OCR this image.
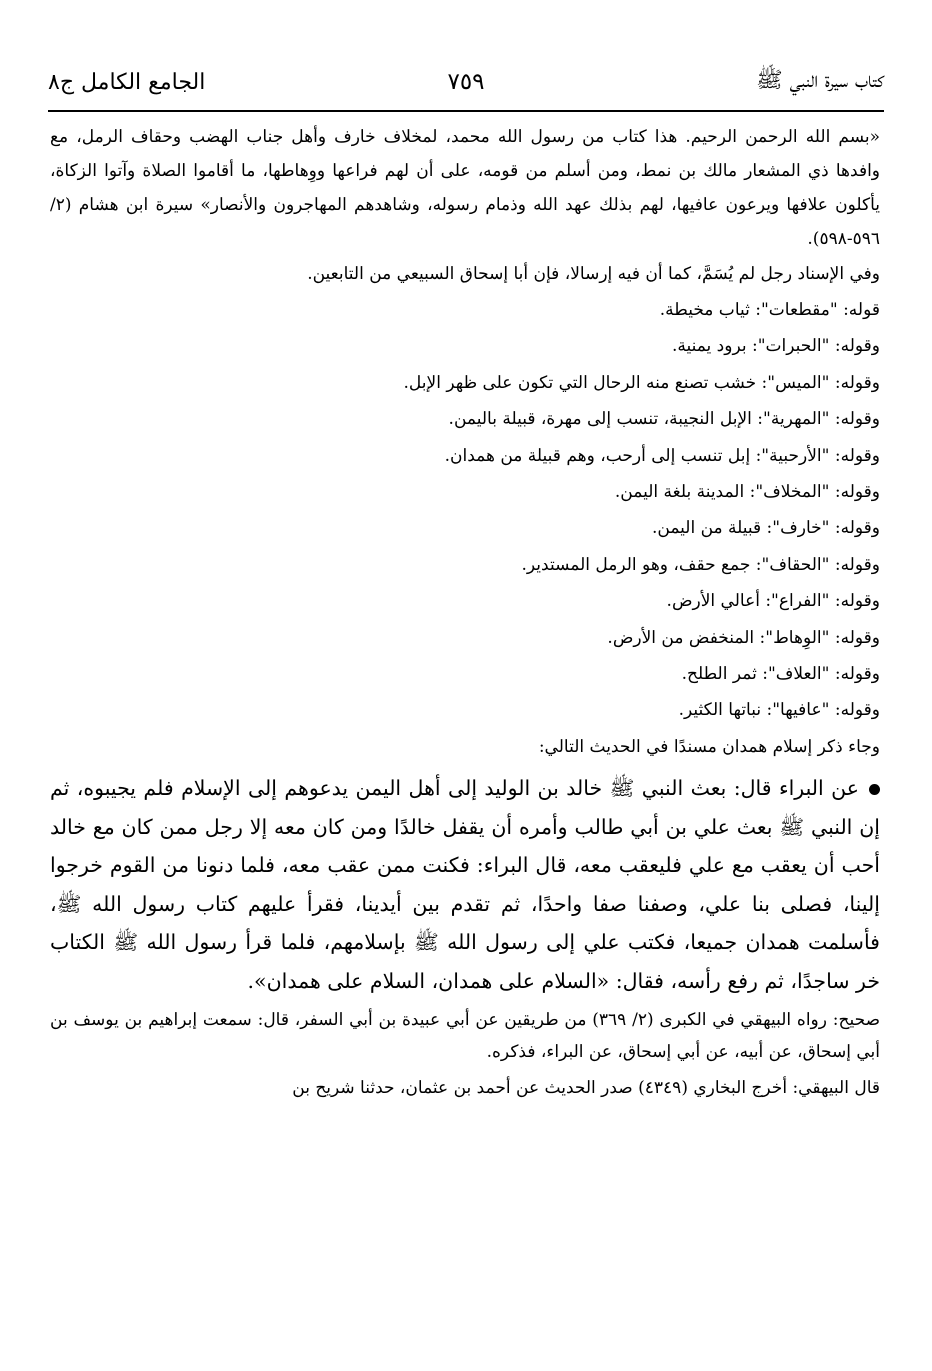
كتاب سيرة النبي ﷺ
٧٥٩
الجامع الكامل ج٨

«بسم الله الرحمن الرحيم. هذا كتاب من رسول الله محمد، لمخلاف خارف وأهل جناب الهضب وحقاف الرمل، مع وافدها ذي المشعار مالك بن نمط، ومن أسلم من قومه، على أن لهم فراعها ووِهاطها، ما أقاموا الصلاة وآتوا الزكاة، يأكلون علافها ويرعون عافيها، لهم بذلك عهد الله وذمام رسوله، وشاهدهم المهاجرون والأنصار» سيرة ابن هشام (٢/ ٥٩٦-٥٩٨).

وفي الإسناد رجل لم يُسَمَّ، كما أن فيه إرسالا، فإن أبا إسحاق السبيعي من التابعين.

قوله: "مقطعات": ثياب مخيطة.

وقوله: "الحبرات": برود يمنية.

وقوله: "الميس": خشب تصنع منه الرحال التي تكون على ظهر الإبل.

وقوله: "المهرية": الإبل النجيبة، تنسب إلى مهرة، قبيلة باليمن.

وقوله: "الأرحبية": إبل تنسب إلى أرحب، وهم قبيلة من همدان.

وقوله: "المخلاف": المدينة بلغة اليمن.

وقوله: "خارف": قبيلة من اليمن.

وقوله: "الحقاف": جمع حقف، وهو الرمل المستدير.

وقوله: "الفراع": أعالي الأرض.

وقوله: "الوِهاط": المنخفض من الأرض.

وقوله: "العلاف": ثمر الطلح.

وقوله: "عافيها": نباتها الكثير.

وجاء ذكر إسلام همدان مسندًا في الحديث التالي:

عن البراء قال: بعث النبي ﷺ خالد بن الوليد إلى أهل اليمن يدعوهم إلى الإسلام فلم يجيبوه، ثم إن النبي ﷺ بعث علي بن أبي طالب وأمره أن يقفل خالدًا ومن كان معه إلا رجل ممن كان مع خالد أحب أن يعقب مع علي فليعقب معه، قال البراء: فكنت ممن عقب معه، فلما دنونا من القوم خرجوا إلينا، فصلى بنا علي، وصفنا صفا واحدًا، ثم تقدم بين أيدينا، فقرأ عليهم كتاب رسول الله ﷺ، فأسلمت همدان جميعا، فكتب علي إلى رسول الله ﷺ بإسلامهم، فلما قرأ رسول الله ﷺ الكتاب خر ساجدًا، ثم رفع رأسه، فقال: «السلام على همدان، السلام على همدان».

صحيح: رواه البيهقي في الكبرى (٢/ ٣٦٩) من طريقين عن أبي عبيدة بن أبي السفر، قال: سمعت إبراهيم بن يوسف بن أبي إسحاق، عن أبيه، عن أبي إسحاق، عن البراء، فذكره.

قال البيهقي: أخرج البخاري (٤٣٤٩) صدر الحديث عن أحمد بن عثمان، حدثنا شريح بن
